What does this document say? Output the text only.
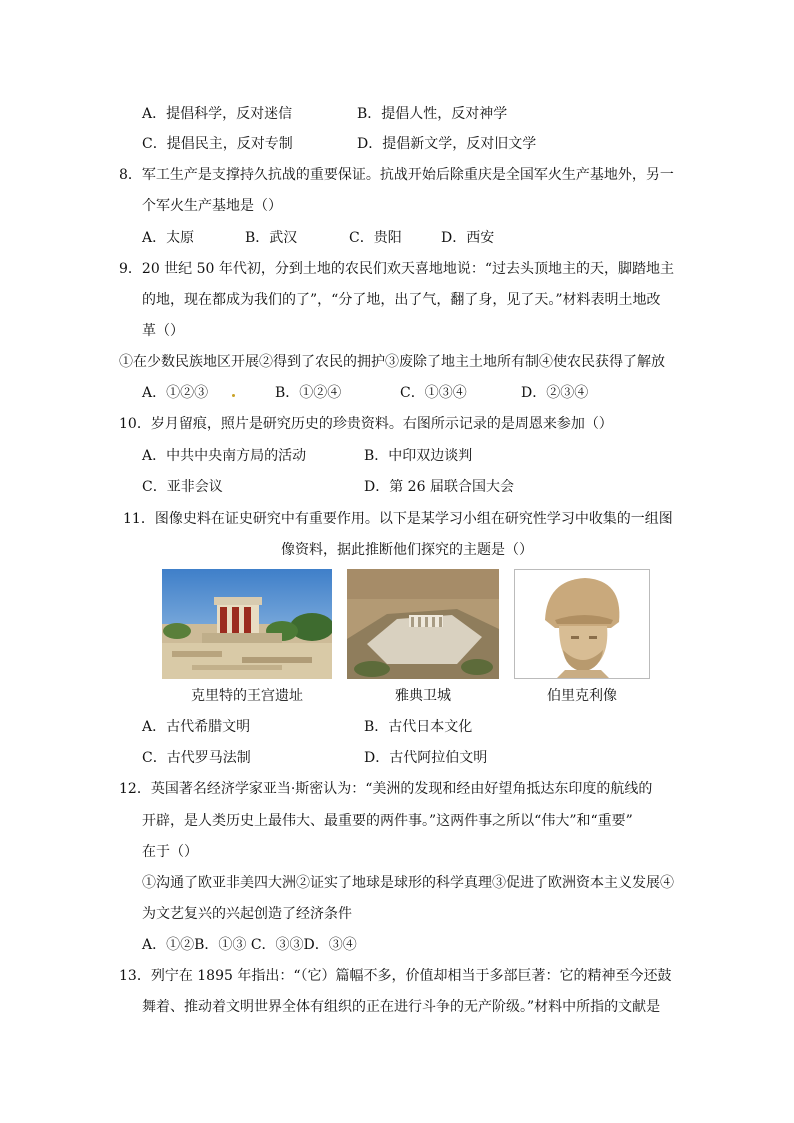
A．提倡科学，反对迷信	B．提倡人性，反对神学
C．提倡民主，反对专制	D．提倡新文学，反对旧文学
8．军工生产是支撑持久抗战的重要保证。抗战开始后除重庆是全国军火生产基地外，另一
个军火生产基地是（）
A．太原	B．武汉	C．贵阳	D．西安
9．20 世纪 50 年代初，分到土地的农民们欢天喜地地说：“过去头顶地主的天，脚踏地主
的地，现在都成为我们的了”，“分了地，出了气，翻了身，见了天。”材料表明土地改
革（）
①在少数民族地区开展②得到了农民的拥护③废除了地主土地所有制④使农民获得了解放
A．①②③	B．①②④	C．①③④	D．②③④
10．岁月留痕，照片是研究历史的珍贵资料。右图所示记录的是周恩来参加（）
A．中共中央南方局的活动	B．中印双边谈判
C．亚非会议	D．第 26 届联合国大会
11．图像史料在证史研究中有重要作用。以下是某学习小组在研究性学习中收集的一组图
像资料，据此推断他们探究的主题是（）
克里特的王宫遗址	雅典卫城	伯里克利像
A．古代希腊文明	B．古代日本文化
C．古代罗马法制	D．古代阿拉伯文明
12．英国著名经济学家亚当·斯密认为：“美洲的发现和经由好望角抵达东印度的航线的
开辟，是人类历史上最伟大、最重要的两件事。”这两件事之所以“伟大”和“重要”
在于（）
①沟通了欧亚非美四大洲②证实了地球是球形的科学真理③促进了欧洲资本主义发展④
为文艺复兴的兴起创造了经济条件
A．①②B．①③ C．③③D．③④
13．列宁在 1895 年指出：“（它）篇幅不多，价值却相当于多部巨著：它的精神至今还鼓
舞着、推动着文明世界全体有组织的正在进行斗争的无产阶级。”材料中所指的文献是
